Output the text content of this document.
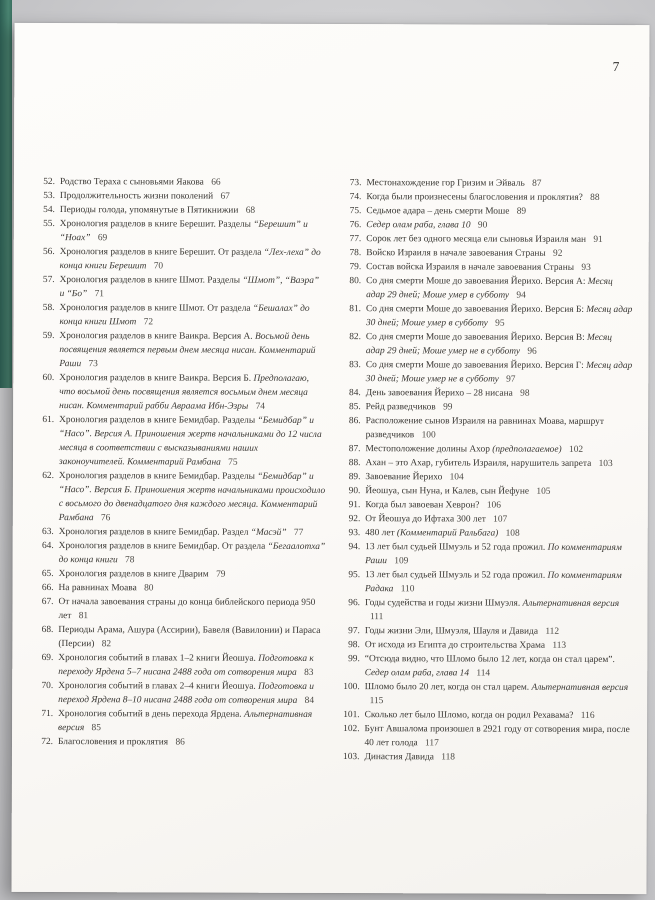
7
52. Родство Тераха с сыновьями Яакова 66
53. Продолжительность жизни поколений 67
54. Периоды голода, упомянутые в Пятикнижии 68
55. Хронология разделов в книге Берешит. Разделы “Берешит” и “Ноах” 69
56. Хронология разделов в книге Берешит. От раздела “Лех-леха” до конца книги Берешит 70
57. Хронология разделов в книге Шмот. Разделы “Шмот”, “Ваэра” и “Бо” 71
58. Хронология разделов в книге Шмот. От раздела “Бешалах” до конца книги Шмот 72
59. Хронология разделов в книге Ваикра. Версия А. Восьмой день посвящения является первым днем месяца нисан. Комментарий Раши 73
60. Хронология разделов в книге Ваикра. Версия Б. Предполагаю, что восьмой день посвящения является восьмым днем месяца нисан. Комментарий рабби Авраама Ибн-Эзры 74
61. Хронология разделов в книге Бемидбар. Разделы “Бемидбар” и “Насо”. Версия А. Приношения жертв начальниками до 12 числа месяца в соответствии с высказываниями наших законоучителей. Комментарий Рамбана 75
62. Хронология разделов в книге Бемидбар. Разделы “Бемидбар” и “Насо”. Версия Б. Приношения жертв начальниками происходило с восьмого до двенадцатого дня каждого месяца. Комментарий Рамбана 76
63. Хронология разделов в книге Бемидбар. Раздел “Масэй” 77
64. Хронология разделов в книге Бемидбар. От раздела “Бегаалотха” до конца книги 78
65. Хронология разделов в книге Дварим 79
66. На равнинах Моава 80
67. От начала завоевания страны до конца библейского периода 950 лет 81
68. Периоды Арама, Ашура (Ассирии), Бавеля (Вавилонии) и Параса (Персии) 82
69. Хронология событий в главах 1–2 книги Йеошуа. Подготовка к переходу Ярдена 5–7 нисана 2488 года от сотворения мира 83
70. Хронология событий в главах 2–4 книги Йеошуа. Подготовка и переход Ярдена 8–10 нисана 2488 года от сотворения мира 84
71. Хронология событий в день перехода Ярдена. Альтернативная версия 85
72. Благословения и проклятия 86
73. Местонахождение гор Гризим и Эйваль 87
74. Когда были произнесены благословения и проклятия? 88
75. Седьмое адара – день смерти Моше 89
76. Седер олам раба, глава 10 90
77. Сорок лет без одного месяца ели сыновья Израиля ман 91
78. Войско Израиля в начале завоевания Страны 92
79. Состав войска Израиля в начале завоевания Страны 93
80. Со дня смерти Моше до завоевания Йерихо. Версия А: Месяц адар 29 дней; Моше умер в субботу 94
81. Со дня смерти Моше до завоевания Йерихо. Версия Б: Месяц адар 30 дней; Моше умер в субботу 95
82. Со дня смерти Моше до завоевания Йерихо. Версия В: Месяц адар 29 дней; Моше умер не в субботу 96
83. Со дня смерти Моше до завоевания Йерихо. Версия Г: Месяц адар 30 дней; Моше умер не в субботу 97
84. День завоевания Йерихо – 28 нисана 98
85. Рейд разведчиков 99
86. Расположение сынов Израиля на равнинах Моава, маршрут разведчиков 100
87. Местоположение долины Ахор (предполагаемое) 102
88. Ахан – это Ахар, губитель Израиля, нарушитель запрета 103
89. Завоевание Йерихо 104
90. Йеошуа, сын Нуна, и Калев, сын Йефуне 105
91. Когда был завоеван Хеврон? 106
92. От Йеошуа до Ифтаха 300 лет 107
93. 480 лет (Комментарий Ральбага) 108
94. 13 лет был судьей Шмуэль и 52 года прожил. По комментариям Раши 109
95. 13 лет был судьей Шмуэль и 52 года прожил. По комментариям Радака 110
96. Годы судейства и годы жизни Шмуэля. Альтернативная версия 111
97. Годы жизни Эли, Шмуэля, Шауля и Давида 112
98. От исхода из Египта до строительства Храма 113
99. “Отсюда видно, что Шломо было 12 лет, когда он стал царем”. Седер олам раба, глава 14 114
100. Шломо было 20 лет, когда он стал царем. Альтернативная версия 115
101. Сколько лет было Шломо, когда он родил Рехавама? 116
102. Бунт Авшалома произошел в 2921 году от сотворения мира, после 40 лет голода 117
103. Династия Давида 118
